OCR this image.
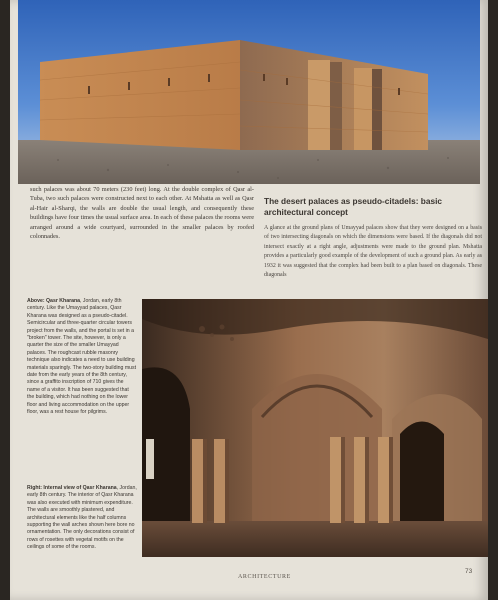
such palaces was about 70 meters (230 feet) long. At the double complex of Qasr al-Tuba, two such palaces were constructed next to each other. At Mshatta as well as Qasr al-Hair al-Sharqi, the walls are double the usual length, and consequently these buildings have four times the usual surface area. In each of these palaces the rooms were arranged around a wide courtyard, surrounded in the smaller palaces by roofed colonnades.
The desert palaces as pseudo-citadels: basic architectural concept
A glance at the ground plans of Umayyad palaces show that they were designed on a basis of two intersecting diagonals on which the dimensions were based. If the diagonals did not intersect exactly at a right angle, adjustments were made to the ground plan. Mshatta provides a particularly good example of the development of such a ground plan. As early as 1932 it was suggested that the complex had been built to a plan based on diagonals. These diagonals
Above: Qasr Kharana, Jordan, early 8th century. Like the Umayyad palaces, Qasr Kharana was designed as a pseudo-citadel. Semicircular and three-quarter circular towers project from the walls, and the portal is set in a "broken" tower. The site, however, is only a quarter the size of the smaller Umayyad palaces. The roughcast rubble masonry technique also indicates a need to use building materials sparingly. The two-story building must date from the early years of the 8th century, since a graffito inscription of 710 gives the name of a visitor. It has been suggested that the building, which had nothing on the lower floor and living accommodation on the upper floor, was a rest house for pilgrims.
Right: Internal view of Qasr Kharana, Jordan, early 8th century. The interior of Qasr Kharana was also executed with minimum expenditure. The walls are smoothly plastered, and architectural elements like the half columns supporting the wall arches shown here bore no ornamentation. The only decorations consist of rows of rosettes with vegetal motifs on the ceilings of some of the rooms.
ARCHITECTURE
73
